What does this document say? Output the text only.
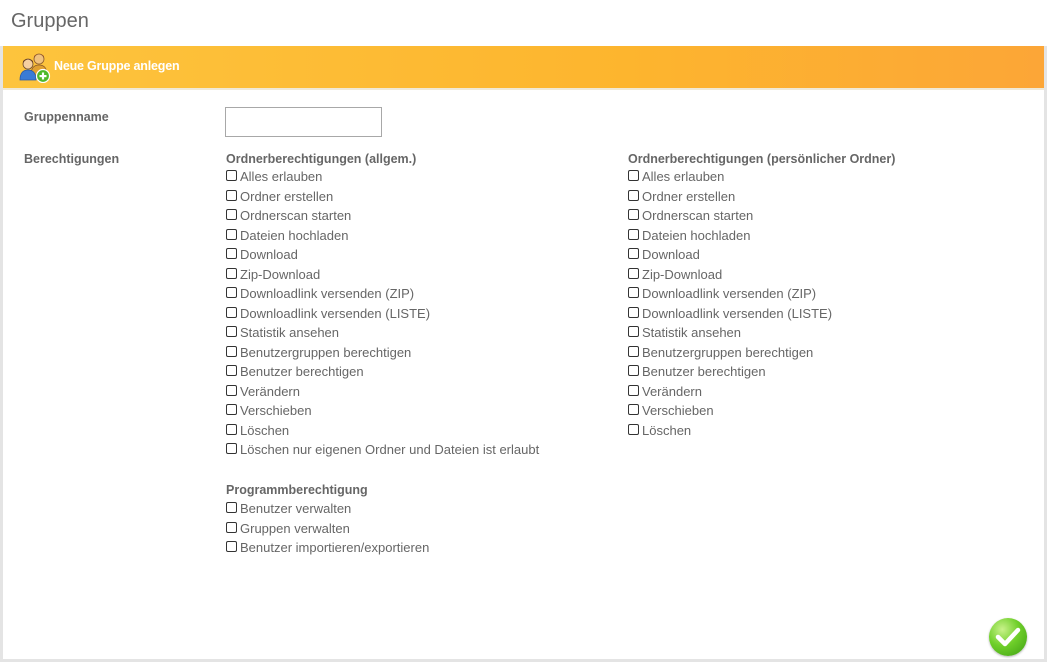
Gruppen
Neue Gruppe anlegen
Gruppenname
Berechtigungen	Ordnerberechtigungen (allgem.)
Alles erlauben
Ordner erstellen
Ordnerscan starten
Dateien hochladen
Download
Zip-Download
Downloadlink versenden (ZIP)
Downloadlink versenden (LISTE)
Statistik ansehen
Benutzergruppen berechtigen
Benutzer berechtigen
Verändern
Verschieben
Löschen
Löschen nur eigenen Ordner und Dateien ist erlaubt
Programmberechtigung
Benutzer verwalten
Gruppen verwalten
Benutzer importieren/exportieren
Ordnerberechtigungen (persönlicher Ordner)
Alles erlauben
Ordner erstellen
Ordnerscan starten
Dateien hochladen
Download
Zip-Download
Downloadlink versenden (ZIP)
Downloadlink versenden (LISTE)
Statistik ansehen
Benutzergruppen berechtigen
Benutzer berechtigen
Verändern
Verschieben
Löschen
